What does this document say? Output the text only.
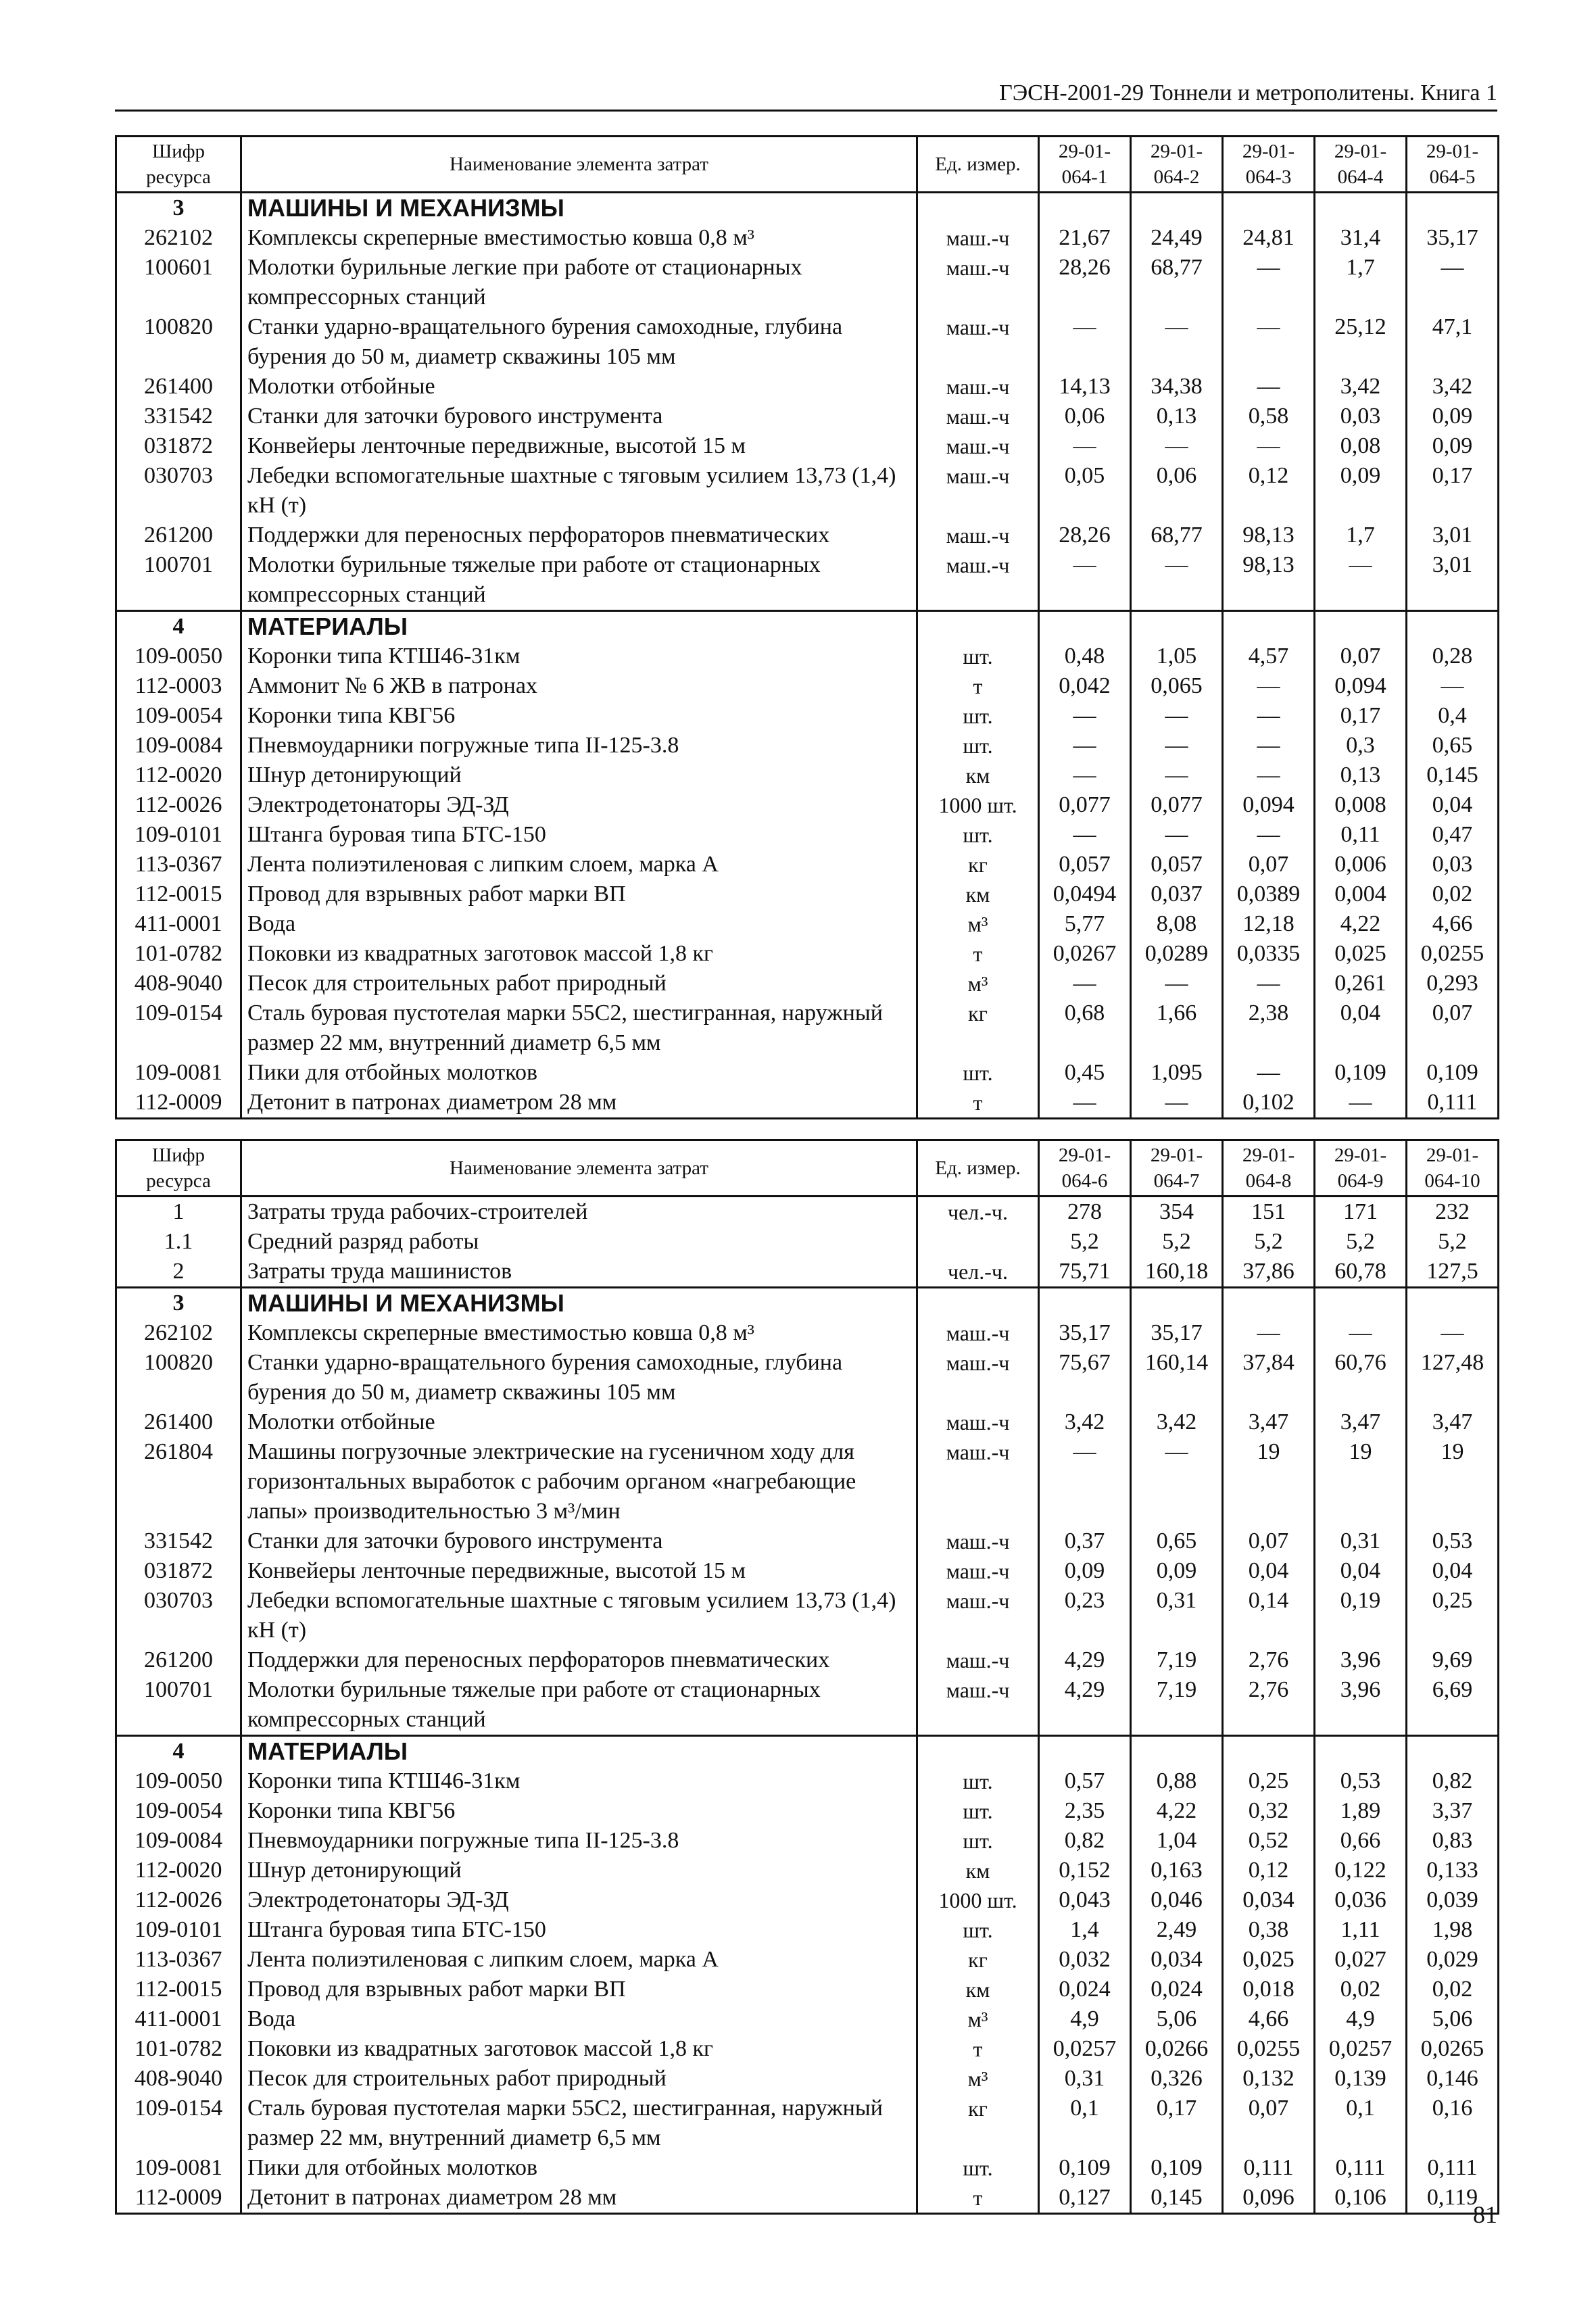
ГЭСН-2001-29 Тоннели и метрополитены. Книга 1
Шифр ресурса	Наименование элемента затрат	Ед. измер.	29-01-064-1	29-01-064-2	29-01-064-3	29-01-064-4	29-01-064-5
3	МАШИНЫ И МЕХАНИЗМЫ						
262102	Комплексы скреперные вместимостью ковша 0,8 м³	маш.-ч	21,67	24,49	24,81	31,4	35,17
100601	Молотки бурильные легкие при работе от стационарных компрессорных станций	маш.-ч	28,26	68,77	—	1,7	—
100820	Станки ударно-вращательного бурения самоходные, глубина бурения до 50 м, диаметр скважины 105 мм	маш.-ч	—	—	—	25,12	47,1
261400	Молотки отбойные	маш.-ч	14,13	34,38	—	3,42	3,42
331542	Станки для заточки бурового инструмента	маш.-ч	0,06	0,13	0,58	0,03	0,09
031872	Конвейеры ленточные передвижные, высотой 15 м	маш.-ч	—	—	—	0,08	0,09
030703	Лебедки вспомогательные шахтные с тяговым усилием 13,73 (1,4) кН (т)	маш.-ч	0,05	0,06	0,12	0,09	0,17
261200	Поддержки для переносных перфораторов пневматических	маш.-ч	28,26	68,77	98,13	1,7	3,01
100701	Молотки бурильные тяжелые при работе от стационарных компрессорных станций	маш.-ч	—	—	98,13	—	3,01
4	МАТЕРИАЛЫ						
109-0050	Коронки типа КТШ46-31км	шт.	0,48	1,05	4,57	0,07	0,28
112-0003	Аммонит № 6 ЖВ в патронах	т	0,042	0,065	—	0,094	—
109-0054	Коронки типа КВГ56	шт.	—	—	—	0,17	0,4
109-0084	Пневмоударники погружные типа II-125-3.8	шт.	—	—	—	0,3	0,65
112-0020	Шнур детонирующий	км	—	—	—	0,13	0,145
112-0026	Электродетонаторы ЭД-ЗД	1000 шт.	0,077	0,077	0,094	0,008	0,04
109-0101	Штанга буровая типа БТС-150	шт.	—	—	—	0,11	0,47
113-0367	Лента полиэтиленовая с липким слоем, марка А	кг	0,057	0,057	0,07	0,006	0,03
112-0015	Провод для взрывных работ марки ВП	км	0,0494	0,037	0,0389	0,004	0,02
411-0001	Вода	м³	5,77	8,08	12,18	4,22	4,66
101-0782	Поковки из квадратных заготовок массой 1,8 кг	т	0,0267	0,0289	0,0335	0,025	0,0255
408-9040	Песок для строительных работ природный	м³	—	—	—	0,261	0,293
109-0154	Сталь буровая пустотелая марки 55С2, шестигранная, наружный размер 22 мм, внутренний диаметр 6,5 мм	кг	0,68	1,66	2,38	0,04	0,07
109-0081	Пики для отбойных молотков	шт.	0,45	1,095	—	0,109	0,109
112-0009	Детонит в патронах диаметром 28 мм	т	—	—	0,102	—	0,111
Шифр ресурса	Наименование элемента затрат	Ед. измер.	29-01-064-6	29-01-064-7	29-01-064-8	29-01-064-9	29-01-064-10
1	Затраты труда рабочих-строителей	чел.-ч.	278	354	151	171	232
1.1	Средний разряд работы		5,2	5,2	5,2	5,2	5,2
2	Затраты труда машинистов	чел.-ч.	75,71	160,18	37,86	60,78	127,5
3	МАШИНЫ И МЕХАНИЗМЫ						
262102	Комплексы скреперные вместимостью ковша 0,8 м³	маш.-ч	35,17	35,17	—	—	—
100820	Станки ударно-вращательного бурения самоходные, глубина бурения до 50 м, диаметр скважины 105 мм	маш.-ч	75,67	160,14	37,84	60,76	127,48
261400	Молотки отбойные	маш.-ч	3,42	3,42	3,47	3,47	3,47
261804	Машины погрузочные электрические на гусеничном ходу для горизонтальных выработок с рабочим органом «нагребающие лапы» производительностью 3 м³/мин	маш.-ч	—	—	19	19	19
331542	Станки для заточки бурового инструмента	маш.-ч	0,37	0,65	0,07	0,31	0,53
031872	Конвейеры ленточные передвижные, высотой 15 м	маш.-ч	0,09	0,09	0,04	0,04	0,04
030703	Лебедки вспомогательные шахтные с тяговым усилием 13,73 (1,4) кН (т)	маш.-ч	0,23	0,31	0,14	0,19	0,25
261200	Поддержки для переносных перфораторов пневматических	маш.-ч	4,29	7,19	2,76	3,96	9,69
100701	Молотки бурильные тяжелые при работе от стационарных компрессорных станций	маш.-ч	4,29	7,19	2,76	3,96	6,69
4	МАТЕРИАЛЫ						
109-0050	Коронки типа КТШ46-31км	шт.	0,57	0,88	0,25	0,53	0,82
109-0054	Коронки типа КВГ56	шт.	2,35	4,22	0,32	1,89	3,37
109-0084	Пневмоударники погружные типа II-125-3.8	шт.	0,82	1,04	0,52	0,66	0,83
112-0020	Шнур детонирующий	км	0,152	0,163	0,12	0,122	0,133
112-0026	Электродетонаторы ЭД-ЗД	1000 шт.	0,043	0,046	0,034	0,036	0,039
109-0101	Штанга буровая типа БТС-150	шт.	1,4	2,49	0,38	1,11	1,98
113-0367	Лента полиэтиленовая с липким слоем, марка А	кг	0,032	0,034	0,025	0,027	0,029
112-0015	Провод для взрывных работ марки ВП	км	0,024	0,024	0,018	0,02	0,02
411-0001	Вода	м³	4,9	5,06	4,66	4,9	5,06
101-0782	Поковки из квадратных заготовок массой 1,8 кг	т	0,0257	0,0266	0,0255	0,0257	0,0265
408-9040	Песок для строительных работ природный	м³	0,31	0,326	0,132	0,139	0,146
109-0154	Сталь буровая пустотелая марки 55С2, шестигранная, наружный размер 22 мм, внутренний диаметр 6,5 мм	кг	0,1	0,17	0,07	0,1	0,16
109-0081	Пики для отбойных молотков	шт.	0,109	0,109	0,111	0,111	0,111
112-0009	Детонит в патронах диаметром 28 мм	т	0,127	0,145	0,096	0,106	0,119
81
